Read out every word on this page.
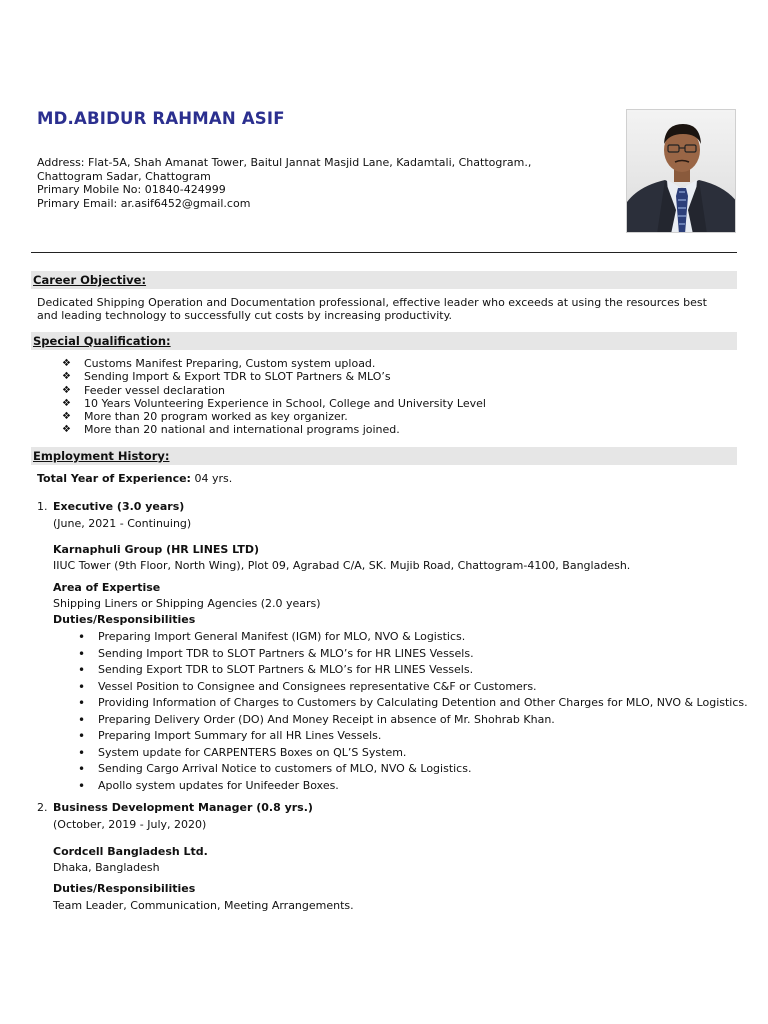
MD.ABIDUR RAHMAN ASIF
Address: Flat-5A, Shah Amanat Tower, Baitul Jannat Masjid Lane, Kadamtali, Chattogram.,
Chattogram Sadar, Chattogram
Primary Mobile No: 01840-424999
Primary Email: ar.asif6452@gmail.com
Career Objective:
Dedicated Shipping Operation and Documentation professional, effective leader who exceeds at using the resources best and leading technology to successfully cut costs by increasing productivity.
Special Qualification:
❖ Customs Manifest Preparing, Custom system upload.
❖ Sending Import & Export TDR to SLOT Partners & MLO’s
❖ Feeder vessel declaration
❖ 10 Years Volunteering Experience in School, College and University Level
❖ More than 20 program worked as key organizer.
❖ More than 20 national and international programs joined.
Employment History:
Total Year of Experience: 04 yrs.
1. Executive (3.0 years)
(June, 2021 - Continuing)
Karnaphuli Group (HR LINES LTD)
IIUC Tower (9th Floor, North Wing), Plot 09, Agrabad C/A, SK. Mujib Road, Chattogram-4100, Bangladesh.
Area of Expertise
Shipping Liners or Shipping Agencies (2.0 years)
Duties/Responsibilities
• Preparing Import General Manifest (IGM) for MLO, NVO & Logistics.
• Sending Import TDR to SLOT Partners & MLO’s for HR LINES Vessels.
• Sending Export TDR to SLOT Partners & MLO’s for HR LINES Vessels.
• Vessel Position to Consignee and Consignees representative C&F or Customers.
• Providing Information of Charges to Customers by Calculating Detention and Other Charges for MLO, NVO & Logistics.
• Preparing Delivery Order (DO) And Money Receipt in absence of Mr. Shohrab Khan.
• Preparing Import Summary for all HR Lines Vessels.
• System update for CARPENTERS Boxes on QL’S System.
• Sending Cargo Arrival Notice to customers of MLO, NVO & Logistics.
• Apollo system updates for Unifeeder Boxes.
2. Business Development Manager (0.8 yrs.)
(October, 2019 - July, 2020)
Cordcell Bangladesh Ltd.
Dhaka, Bangladesh
Duties/Responsibilities
Team Leader, Communication, Meeting Arrangements.
